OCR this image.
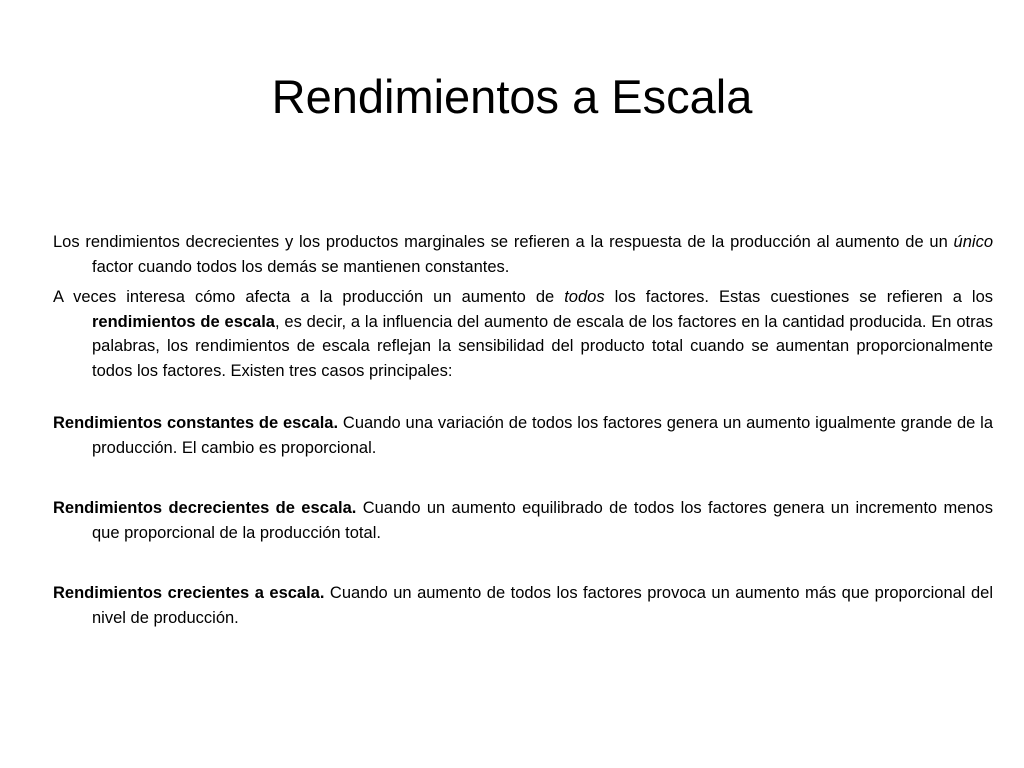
Rendimientos a Escala

Los rendimientos decrecientes y los productos marginales se refieren a la respuesta de la producción al aumento de un único factor cuando todos los demás se mantienen constantes.

A veces interesa cómo afecta a la producción un aumento de todos los factores. Estas cuestiones se refieren a los rendimientos de escala, es decir, a la influencia del aumento de escala de los factores en la cantidad producida. En otras palabras, los rendimientos de escala reflejan la sensibilidad del producto total cuando se aumentan proporcionalmente todos los factores. Existen tres casos principales:

Rendimientos constantes de escala. Cuando una variación de todos los factores genera un aumento igualmente grande de la producción. El cambio es proporcional.

Rendimientos decrecientes de escala. Cuando un aumento equilibrado de todos los factores genera un incremento menos que proporcional de la producción total.

Rendimientos crecientes a escala. Cuando un aumento de todos los factores provoca un aumento más que proporcional del nivel de producción.
